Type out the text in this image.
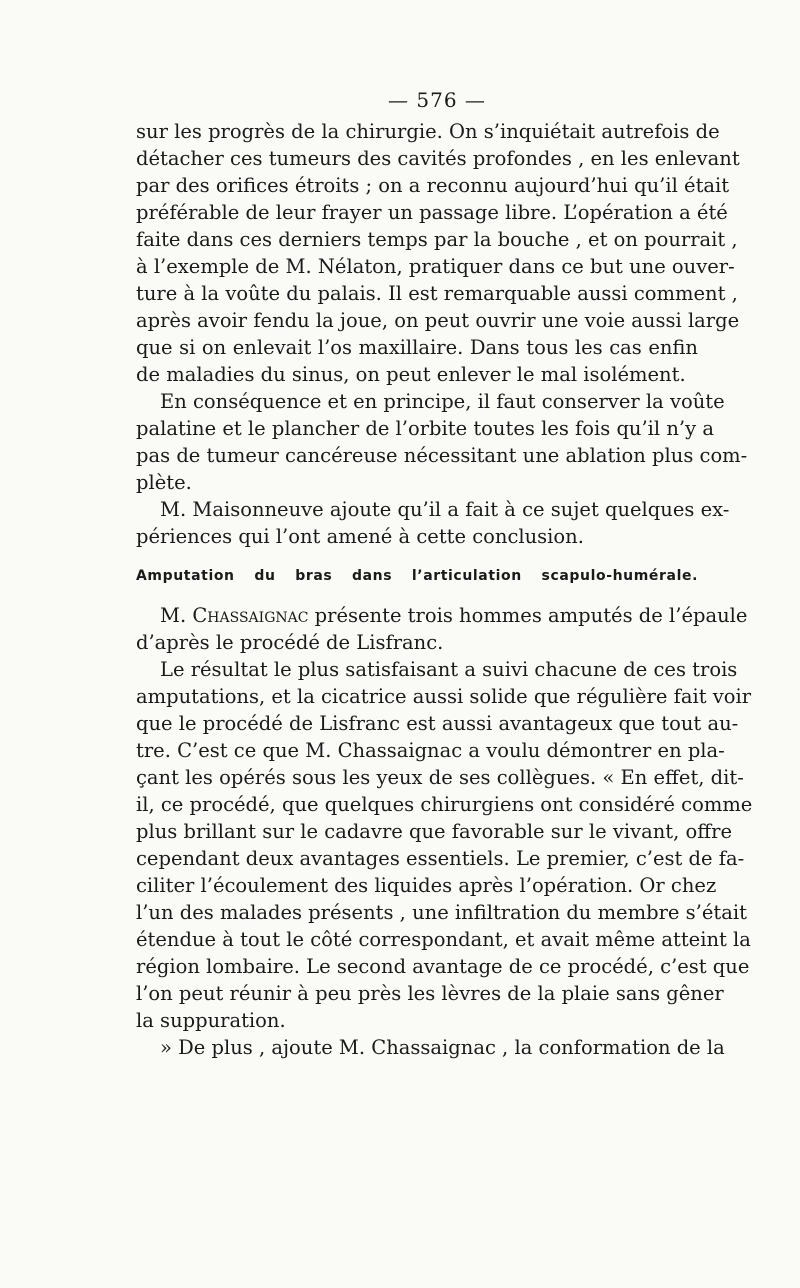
— 576 —
sur les progrès de la chirurgie. On s’inquiétait autrefois de
détacher ces tumeurs des cavités profondes , en les enlevant
par des orifices étroits ; on a reconnu aujourd’hui qu’il était
préférable de leur frayer un passage libre. L’opération a été
faite dans ces derniers temps par la bouche , et on pourrait ,
à l’exemple de M. Nélaton, pratiquer dans ce but une ouver-
ture à la voûte du palais. Il est remarquable aussi comment ,
après avoir fendu la joue, on peut ouvrir une voie aussi large
que si on enlevait l’os maxillaire. Dans tous les cas enfin
de maladies du sinus, on peut enlever le mal isolément.
En conséquence et en principe, il faut conserver la voûte
palatine et le plancher de l’orbite toutes les fois qu’il n’y a
pas de tumeur cancéreuse nécessitant une ablation plus com-
plète.
M. Maisonneuve ajoute qu’il a fait à ce sujet quelques ex-
périences qui l’ont amené à cette conclusion.
Amputation du bras dans l’articulation scapulo-humérale.
M. Chassaignac présente trois hommes amputés de l’épaule
d’après le procédé de Lisfranc.
Le résultat le plus satisfaisant a suivi chacune de ces trois
amputations, et la cicatrice aussi solide que régulière fait voir
que le procédé de Lisfranc est aussi avantageux que tout au-
tre. C’est ce que M. Chassaignac a voulu démontrer en pla-
çant les opérés sous les yeux de ses collègues. « En effet, dit-
il, ce procédé, que quelques chirurgiens ont considéré comme
plus brillant sur le cadavre que favorable sur le vivant, offre
cependant deux avantages essentiels. Le premier, c’est de fa-
ciliter l’écoulement des liquides après l’opération. Or chez
l’un des malades présents , une infiltration du membre s’était
étendue à tout le côté correspondant, et avait même atteint la
région lombaire. Le second avantage de ce procédé, c’est que
l’on peut réunir à peu près les lèvres de la plaie sans gêner
la suppuration.
» De plus , ajoute M. Chassaignac , la conformation de la
